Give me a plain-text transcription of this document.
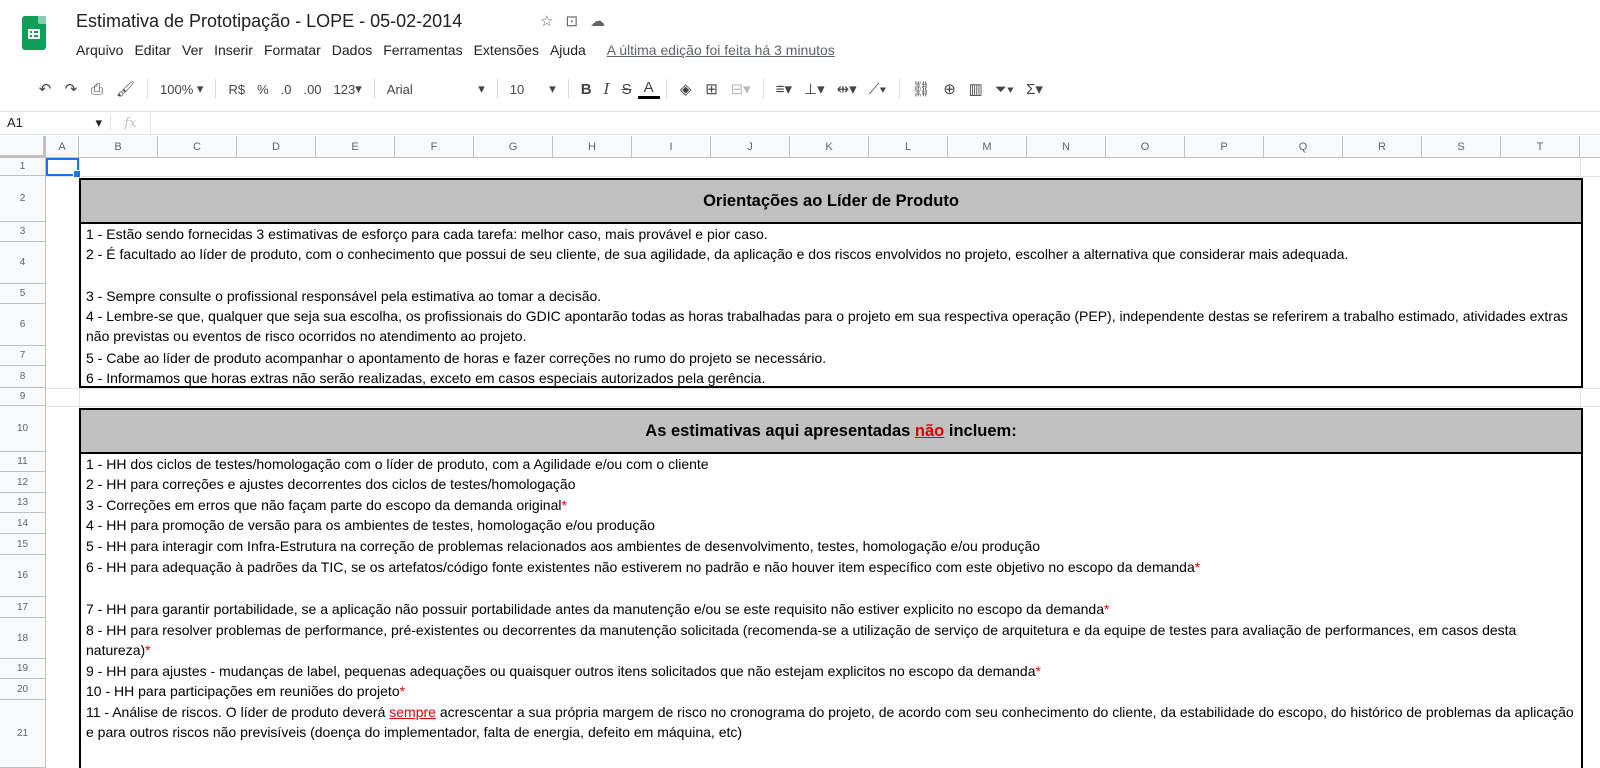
Estimativa de Prototipação - LOPE - 05-02-2014	☆ ⊡ ☁
Arquivo Editar Ver Inserir Formatar Dados Ferramentas Extensões Ajuda A última edição foi feita há 3 minutos
↶ ↷ ⎙ 🖌	100% ▾	R$ % .0 .00 123 ▾	Arial	▾ 10 ▾	B I S A	◈ ⊞ ⊟▾	≡▾ ⊥▾ ⇹▾ ⟋▾	⛓ ⊕ ▥ ⏷▾ Σ▾
A1	▾	fx
A	B	C	D	E	F	G	H	I	J	K	L	M	N	O	P	Q	R	S	T
1
2
3
4
5
6
7
8
9
10
11
12
13
14
15
16
17
18
19
20
21
Orientações ao Líder de Produto
1 - Estão sendo fornecidas 3 estimativas de esforço para cada tarefa: melhor caso, mais provável e pior caso.
2 - É facultado ao líder de produto, com o conhecimento que possui de seu cliente, de sua agilidade, da aplicação e dos riscos envolvidos no projeto, escolher a alternativa que considerar mais adequada.
3 - Sempre consulte o profissional responsável pela estimativa ao tomar a decisão.
4 - Lembre-se que, qualquer que seja sua escolha, os profissionais do GDIC apontarão todas as horas trabalhadas para o projeto em sua respectiva operação (PEP), independente destas se referirem a trabalho estimado, atividades extras não previstas ou eventos de risco ocorridos no atendimento ao projeto.
5 - Cabe ao líder de produto acompanhar o apontamento de horas e fazer correções no rumo do projeto se necessário.
6 - Informamos que horas extras não serão realizadas, exceto em casos especiais autorizados pela gerência.
As estimativas aqui apresentadas
não
incluem:
1 - HH dos ciclos de testes/homologação com o líder de produto, com a Agilidade e/ou com o cliente
2 - HH para correções e ajustes decorrentes dos ciclos de testes/homologação
3 - Correções em erros que não façam parte do escopo da demanda original*
4 - HH para promoção de versão para os ambientes de testes, homologação e/ou produção
5 - HH para interagir com Infra-Estrutura na correção de problemas relacionados aos ambientes de desenvolvimento, testes, homologação e/ou produção
6 - HH para adequação à padrões da TIC, se os artefatos/código fonte existentes não estiverem no padrão e não houver item específico com este objetivo no escopo da demanda*
7 - HH para garantir portabilidade, se a aplicação não possuir portabilidade antes da manutenção e/ou se este requisito não estiver explicito no escopo da demanda*
8 - HH para resolver problemas de performance, pré-existentes ou decorrentes da manutenção solicitada (recomenda-se a utilização de serviço de arquitetura e da equipe de testes para avaliação de performances, em casos desta natureza)*
9 - HH para ajustes - mudanças de label, pequenas adequações ou quaisquer outros itens solicitados que não estejam explicitos no escopo da demanda*
10 - HH para participações em reuniões do projeto*
11 - Análise de riscos. O líder de produto deverá sempre acrescentar a sua própria margem de risco no cronograma do projeto, de acordo com seu conhecimento do cliente, da estabilidade do escopo, do histórico de problemas da aplicação e para outros riscos não previsíveis (doença do implementador, falta de energia, defeito em máquina, etc)
